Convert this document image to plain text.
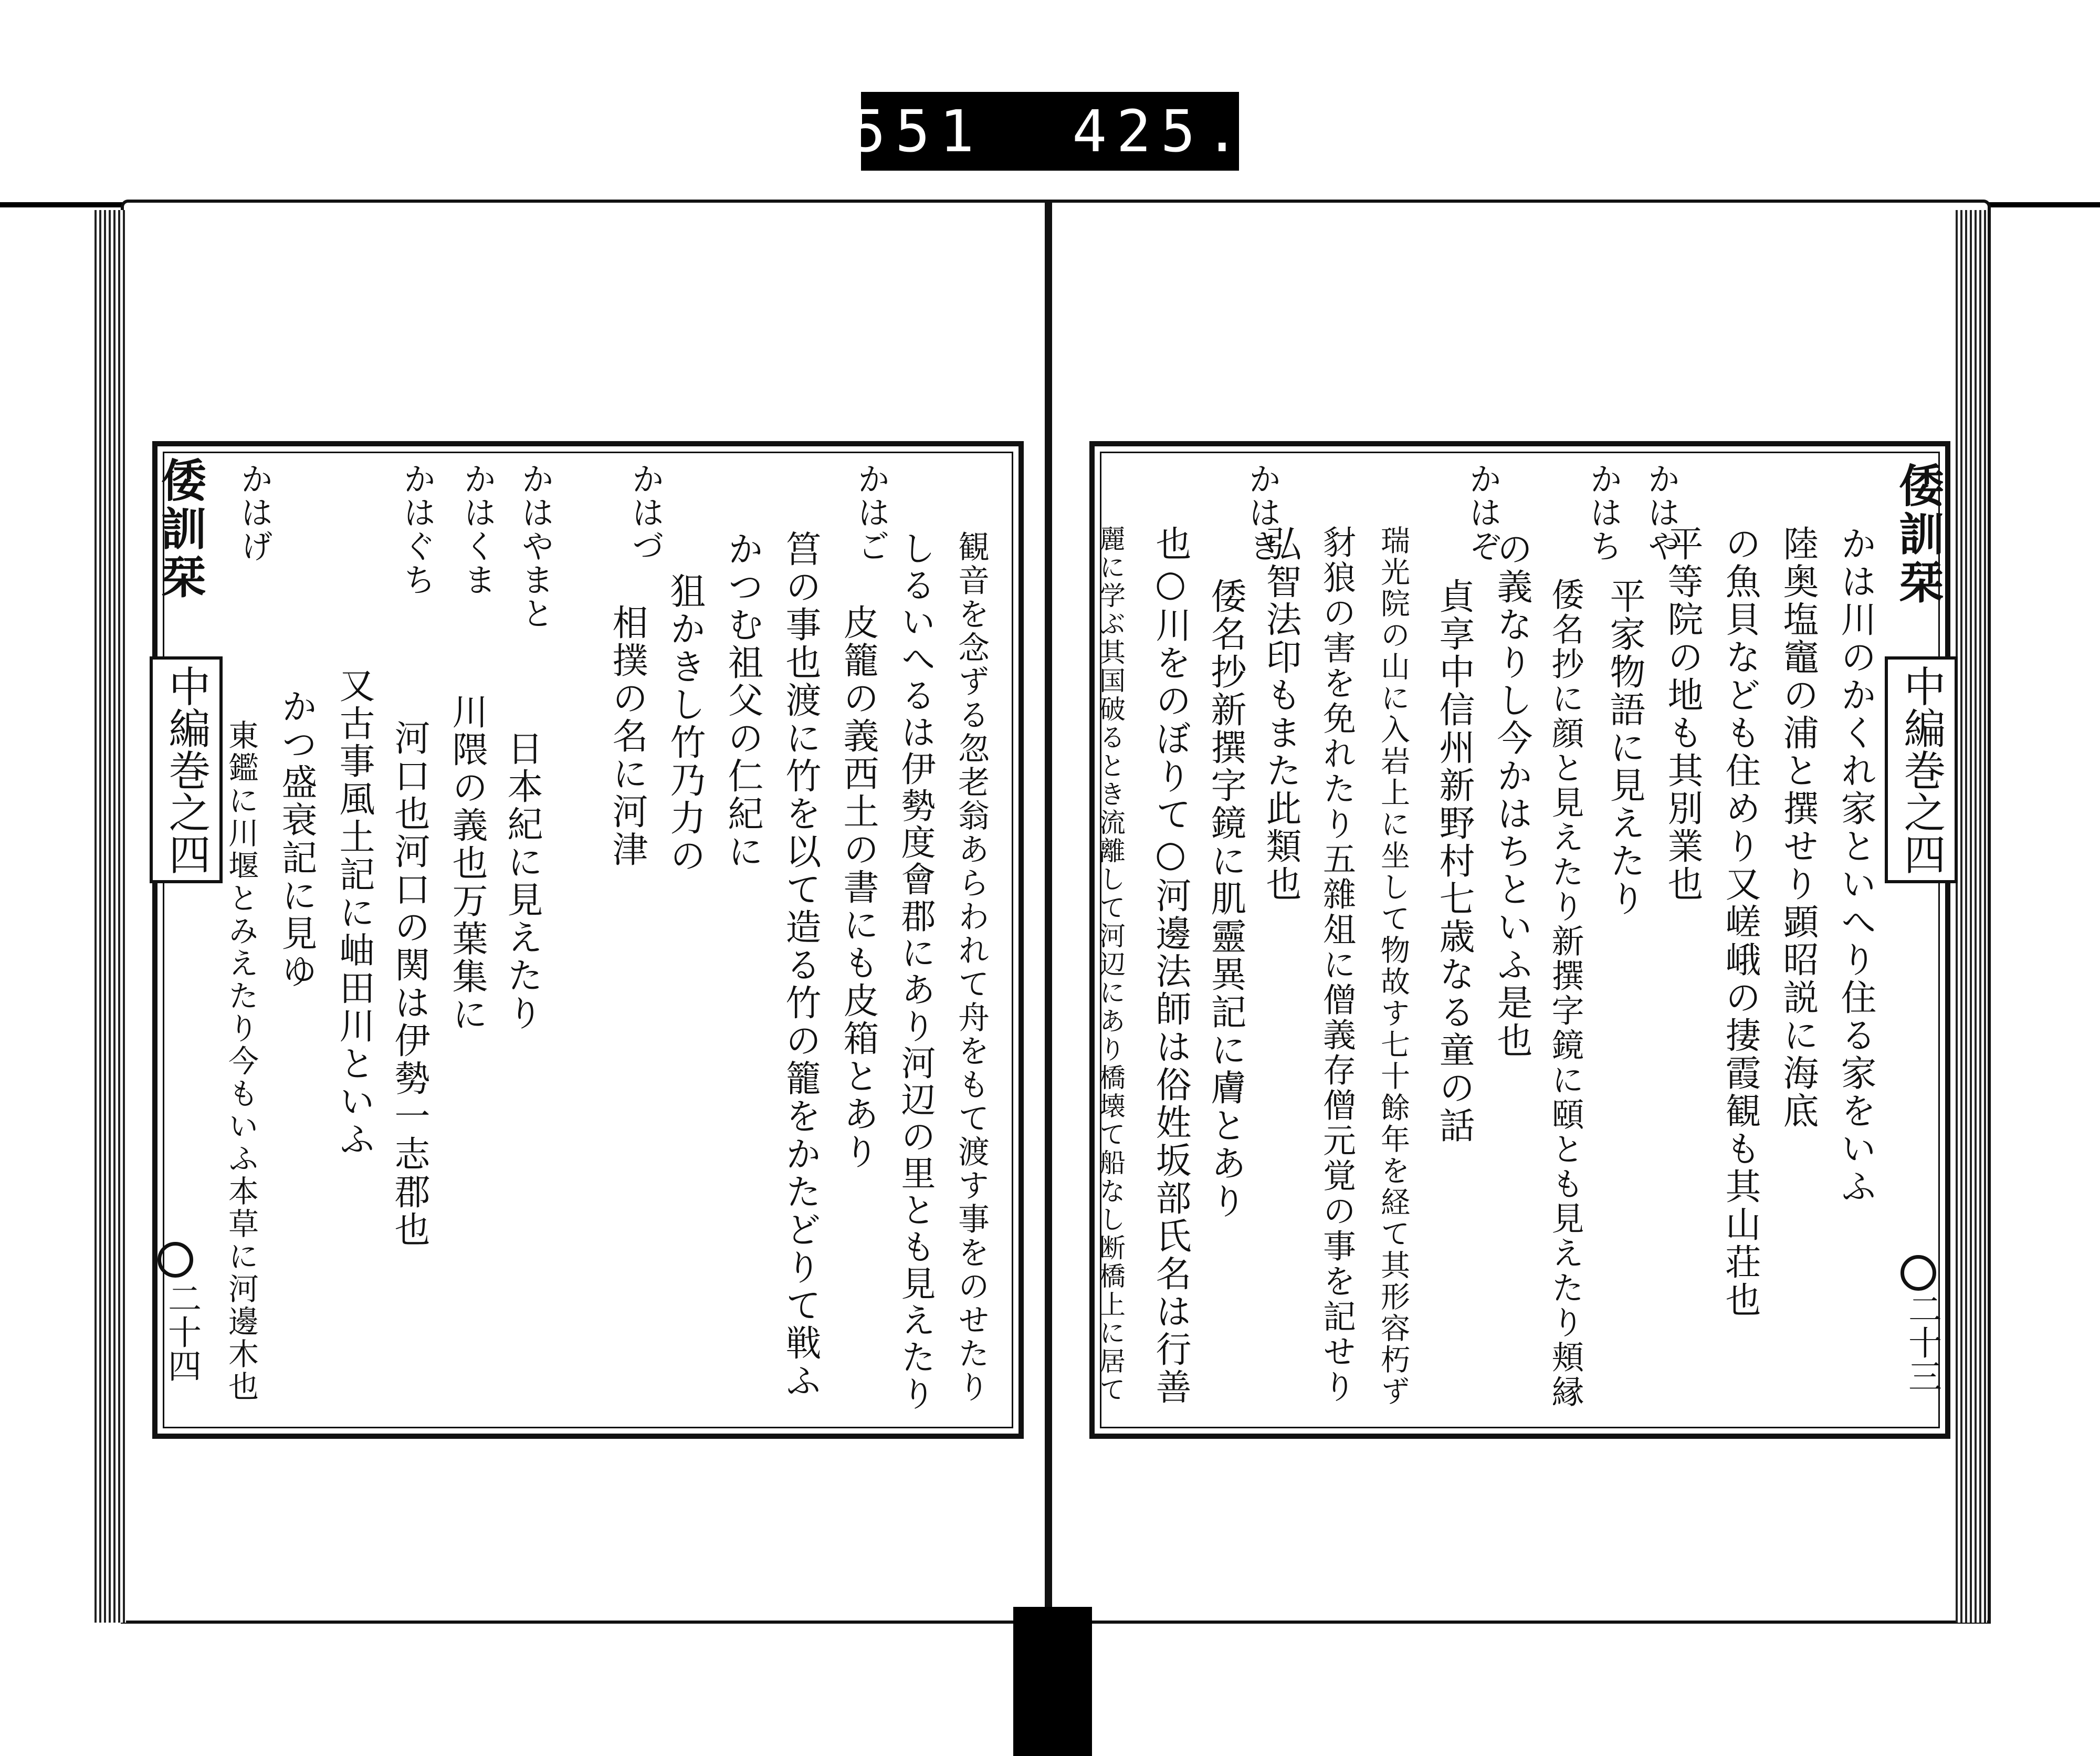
551  425.
倭訓栞
中編巻之四
二十四
かはご
かはづ
かはやまと
かはくま
かはぐち
かはげ
観音を念ずる忽老翁あらわれて舟をもて渡す事をのせたり
しるいへるは伊勢度會郡にあり河辺の里とも見えたり
皮籠の義西土の書にも皮箱とあり
筥の事也渡に竹を以て造る竹の籠をかたどりて戦ふ
かつむ祖父の仁紀に
狙かきし竹乃力の
相撲の名に河津
日本紀に見えたり
川隈の義也万葉集に
河口也河口の関は伊勢一志郡也
又古事風土記に岫田川といふ
かつ盛衰記に見ゆ
東鑑に川堰とみえたり今もいふ本草に河邊木也
倭訓栞
中編巻之四
二十三
かはや
かはち
かはぞ
かはき
かは川のかくれ家といへり住る家をいふ
陸奥塩竈の浦と撰せり顕昭説に海底
の魚貝なども住めり又嵯峨の捿霞観も其山荘也
平等院の地も其別業也
平家物語に見えたり
倭名抄に顔と見えたり新撰字鏡に頤とも見えたり頬縁
の義なりし今かはちといふ是也
貞享中信州新野村七歳なる童の話
瑞光院の山に入岩上に坐して物故す七十餘年を経て其形容朽ず
豺狼の害を免れたり五雜俎に僧義存僧元覚の事を記せり
弘智法印もまた此類也
倭名抄新撰字鏡に肌靈異記に膚とあり
也○川をのぼりて○河邊法師は俗姓坂部氏名は行善
麗に学ぶ其国破るとき流離して河辺にあり橋壊て船なし断橋上に居て
